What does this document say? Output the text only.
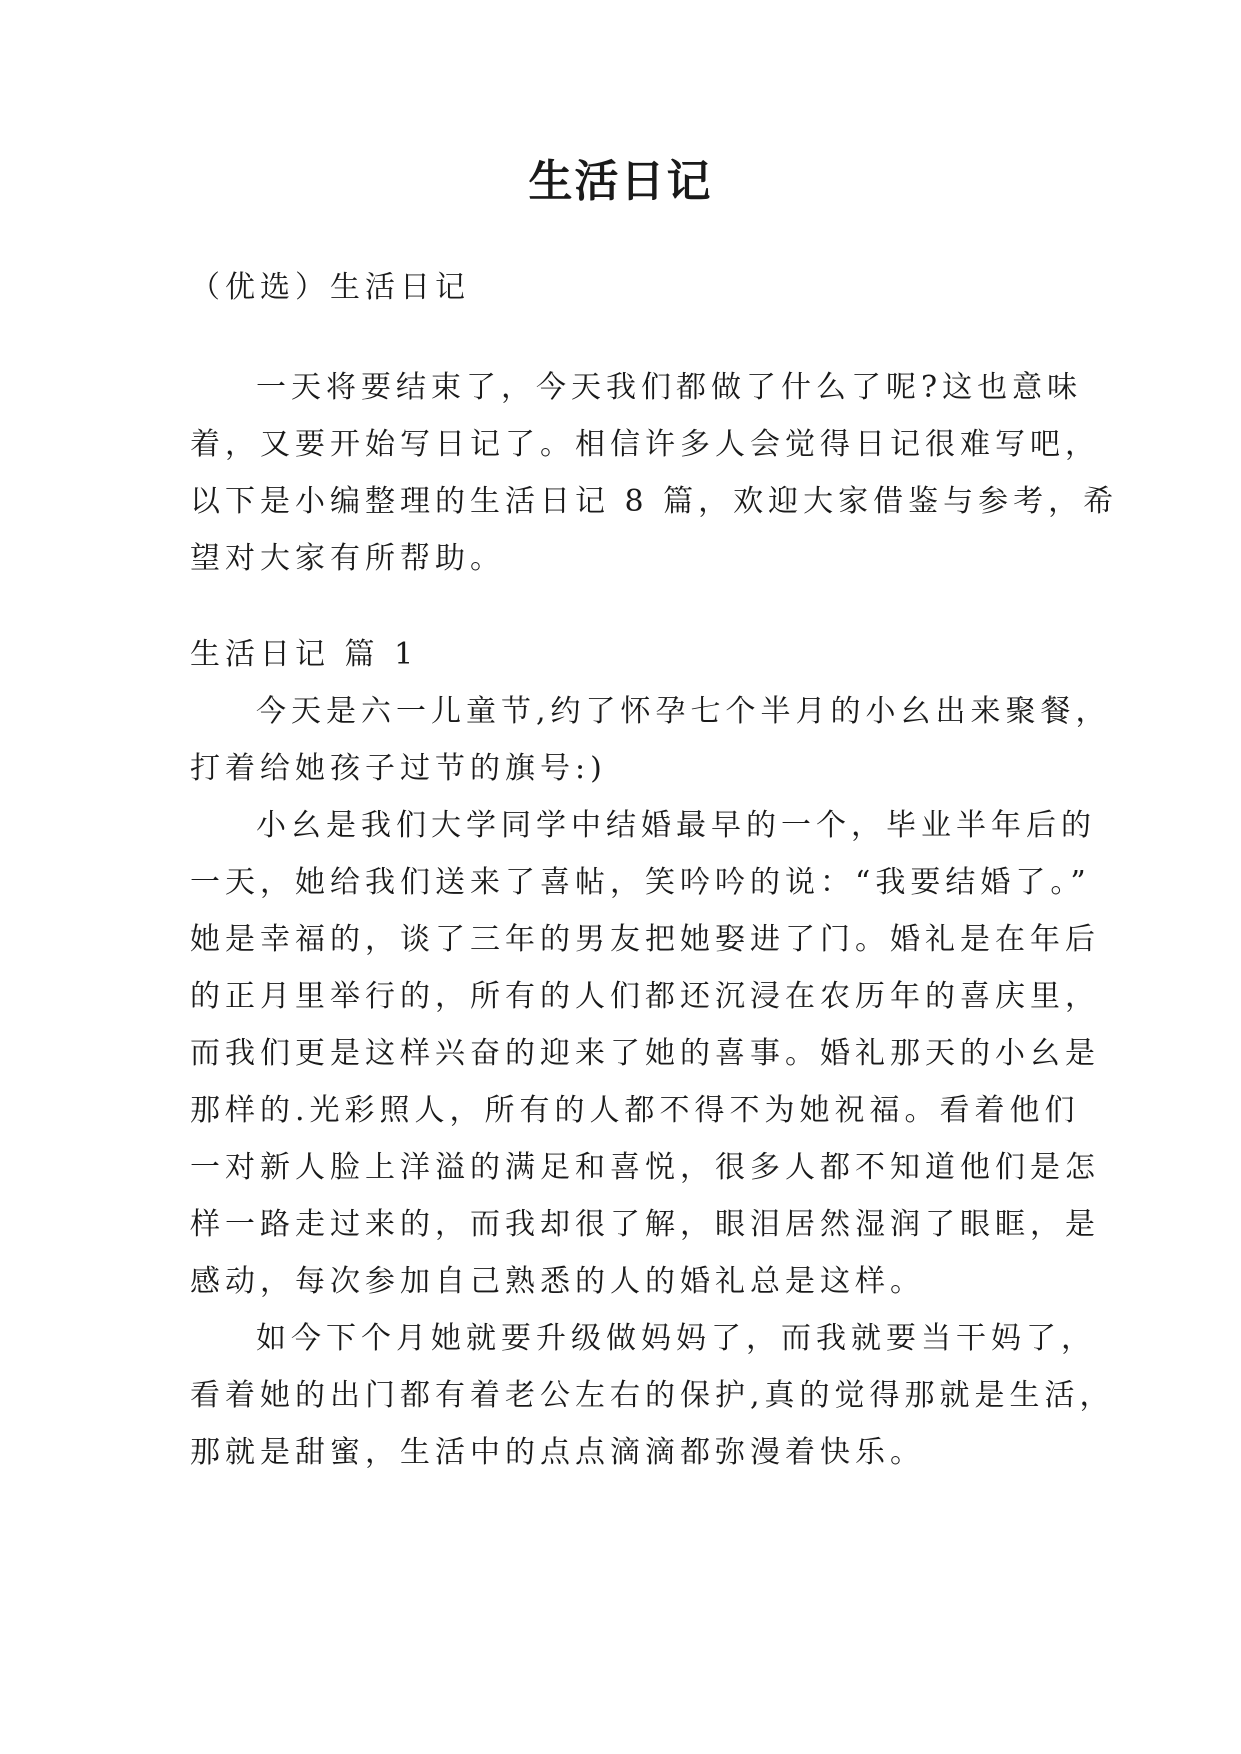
生活日记
（优选）生活日记
一天将要结束了，今天我们都做了什么了呢?这也意味
着，又要开始写日记了。相信许多人会觉得日记很难写吧，
以下是小编整理的生活日记 8 篇，欢迎大家借鉴与参考，希
望对大家有所帮助。
生活日记 篇 1
今天是六一儿童节,约了怀孕七个半月的小幺出来聚餐，
打着给她孩子过节的旗号:)
小幺是我们大学同学中结婚最早的一个，毕业半年后的
一天，她给我们送来了喜帖，笑吟吟的说：“我要结婚了。”
她是幸福的，谈了三年的男友把她娶进了门。婚礼是在年后
的正月里举行的，所有的人们都还沉浸在农历年的喜庆里，
而我们更是这样兴奋的迎来了她的喜事。婚礼那天的小幺是
那样的.光彩照人，所有的人都不得不为她祝福。看着他们
一对新人脸上洋溢的满足和喜悦，很多人都不知道他们是怎
样一路走过来的，而我却很了解，眼泪居然湿润了眼眶，是
感动，每次参加自己熟悉的人的婚礼总是这样。
如今下个月她就要升级做妈妈了，而我就要当干妈了，
看着她的出门都有着老公左右的保护,真的觉得那就是生活，
那就是甜蜜，生活中的点点滴滴都弥漫着快乐。
